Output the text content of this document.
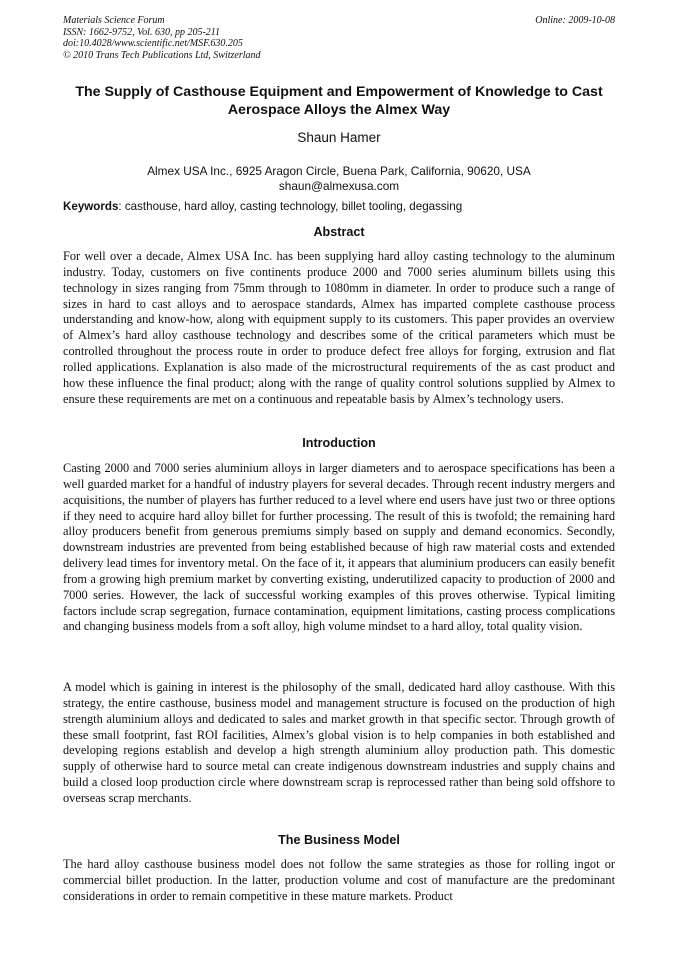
Materials Science Forum
ISSN: 1662-9752, Vol. 630, pp 205-211
doi:10.4028/www.scientific.net/MSF.630.205
© 2010 Trans Tech Publications Ltd, Switzerland
Online: 2009-10-08
The Supply of Casthouse Equipment and Empowerment of Knowledge to Cast Aerospace Alloys the Almex Way
Shaun Hamer
Almex USA Inc., 6925 Aragon Circle, Buena Park, California, 90620, USA
shaun@almexusa.com
Keywords: casthouse, hard alloy, casting technology, billet tooling, degassing
Abstract

For well over a decade, Almex USA Inc. has been supplying hard alloy casting technology to the aluminum industry. Today, customers on five continents produce 2000 and 7000 series aluminum billets using this technology in sizes ranging from 75mm through to 1080mm in diameter. In order to produce such a range of sizes in hard to cast alloys and to aerospace standards, Almex has imparted complete casthouse process understanding and know-how, along with equipment supply to its customers. This paper provides an overview of Almex’s hard alloy casthouse technology and describes some of the critical parameters which must be controlled throughout the process route in order to produce defect free alloys for forging, extrusion and flat rolled applications. Explanation is also made of the microstructural requirements of the as cast product and how these influence the final product; along with the range of quality control solutions supplied by Almex to ensure these requirements are met on a continuous and repeatable basis by Almex’s technology users.

Introduction

Casting 2000 and 7000 series aluminium alloys in larger diameters and to aerospace specifications has been a well guarded market for a handful of industry players for several decades. Through recent industry mergers and acquisitions, the number of players has further reduced to a level where end users have just two or three options if they need to acquire hard alloy billet for further processing. The result of this is twofold; the remaining hard alloy producers benefit from generous premiums simply based on supply and demand economics. Secondly, downstream industries are prevented from being established because of high raw material costs and extended delivery lead times for inventory metal. On the face of it, it appears that aluminium producers can easily benefit from a growing high premium market by converting existing, underutilized capacity to production of 2000 and 7000 series. However, the lack of successful working examples of this proves otherwise. Typical limiting factors include scrap segregation, furnace contamination, equipment limitations, casting process complications and changing business models from a soft alloy, high volume mindset to a hard alloy, total quality vision.

A model which is gaining in interest is the philosophy of the small, dedicated hard alloy casthouse. With this strategy, the entire casthouse, business model and management structure is focused on the production of high strength aluminium alloys and dedicated to sales and market growth in that specific sector. Through growth of these small footprint, fast ROI facilities, Almex’s global vision is to help companies in both established and developing regions establish and develop a high strength aluminium alloy production path. This domestic supply of otherwise hard to source metal can create indigenous downstream industries and supply chains and build a closed loop production circle where downstream scrap is reprocessed rather than being sold offshore to overseas scrap merchants.

The Business Model

The hard alloy casthouse business model does not follow the same strategies as those for rolling ingot or commercial billet production. In the latter, production volume and cost of manufacture are the predominant considerations in order to remain competitive in these mature markets. Product
